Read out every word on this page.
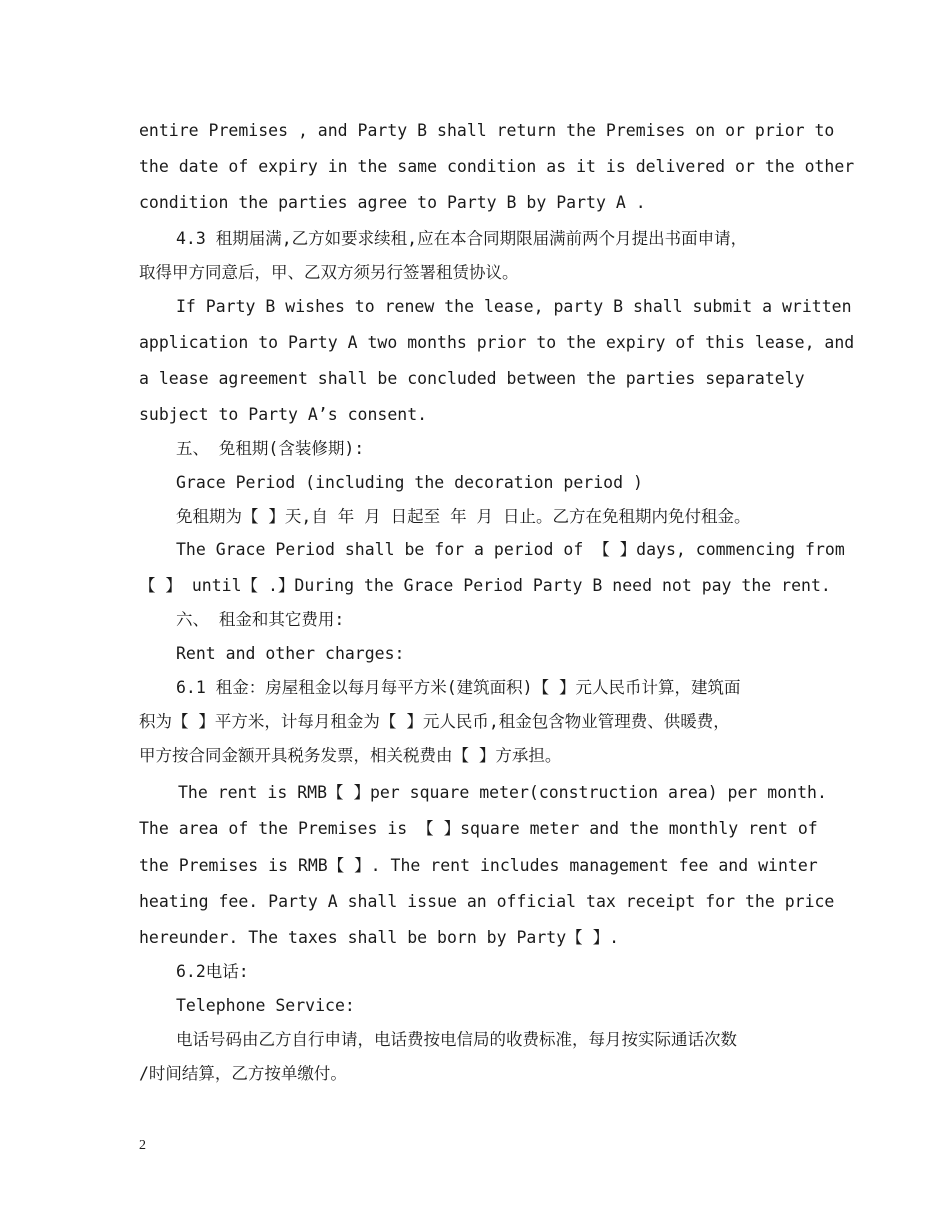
entire Premises , and Party B shall return the Premises on or prior to
the date of expiry in the same condition as it is delivered or the other
condition the parties agree to Party B by Party A .
4.3 租期届满,乙方如要求续租,应在本合同期限届满前两个月提出书面申请，
取得甲方同意后，甲、乙双方须另行签署租赁协议。
If Party B wishes to renew the lease, party B shall submit a written
application to Party A two months prior to the expiry of this lease, and
a lease agreement shall be concluded between the parties separately
subject to Party A’s consent.
五、 免租期(含装修期):
Grace Period (including the decoration period )
免租期为【 】天,自 年 月 日起至 年 月 日止。乙方在免租期内免付租金。
The Grace Period shall be for a period of 【 】days, commencing from
【 】 until【 .】During the Grace Period Party B need not pay the rent.
六、 租金和其它费用:
Rent and other charges:
6.1 租金：房屋租金以每月每平方米(建筑面积)【 】元人民币计算，建筑面
积为【 】平方米，计每月租金为【 】元人民币,租金包含物业管理费、供暖费，
甲方按合同金额开具税务发票，相关税费由【 】方承担。
The rent is RMB【 】per square meter(construction area) per month.
The area of the Premises is 【 】square meter and the monthly rent of
the Premises is RMB【 】. The rent includes management fee and winter
heating fee. Party A shall issue an official tax receipt for the price
hereunder. The taxes shall be born by Party【 】.
6.2电话:
Telephone Service:
电话号码由乙方自行申请，电话费按电信局的收费标准，每月按实际通话次数
/时间结算，乙方按单缴付。
2
